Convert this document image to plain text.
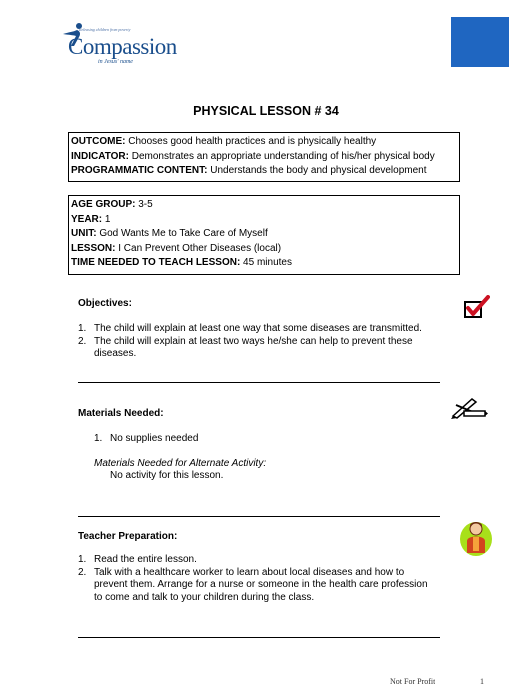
Releasing children from poverty
Compassion
in Jesus' name
PHYSICAL LESSON # 34
OUTCOME: Chooses good health practices and is physically healthy
INDICATOR: Demonstrates an appropriate understanding of his/her physical body
PROGRAMMATIC CONTENT: Understands the body and physical development
AGE GROUP: 3-5
YEAR: 1
UNIT: God Wants Me to Take Care of Myself
LESSON: I Can Prevent Other Diseases (local)
TIME NEEDED TO TEACH LESSON: 45 minutes
Objectives:
1. The child will explain at least one way that some diseases are transmitted.
2. The child will explain at least two ways he/she can help to prevent these diseases.
Materials Needed:
1. No supplies needed
Materials Needed for Alternate Activity:
No activity for this lesson.
Teacher Preparation:
1. Read the entire lesson.
2. Talk with a healthcare worker to learn about local diseases and how to prevent them. Arrange for a nurse or someone in the health care profession to come and talk to your children during the class.
Not For Profit	1
